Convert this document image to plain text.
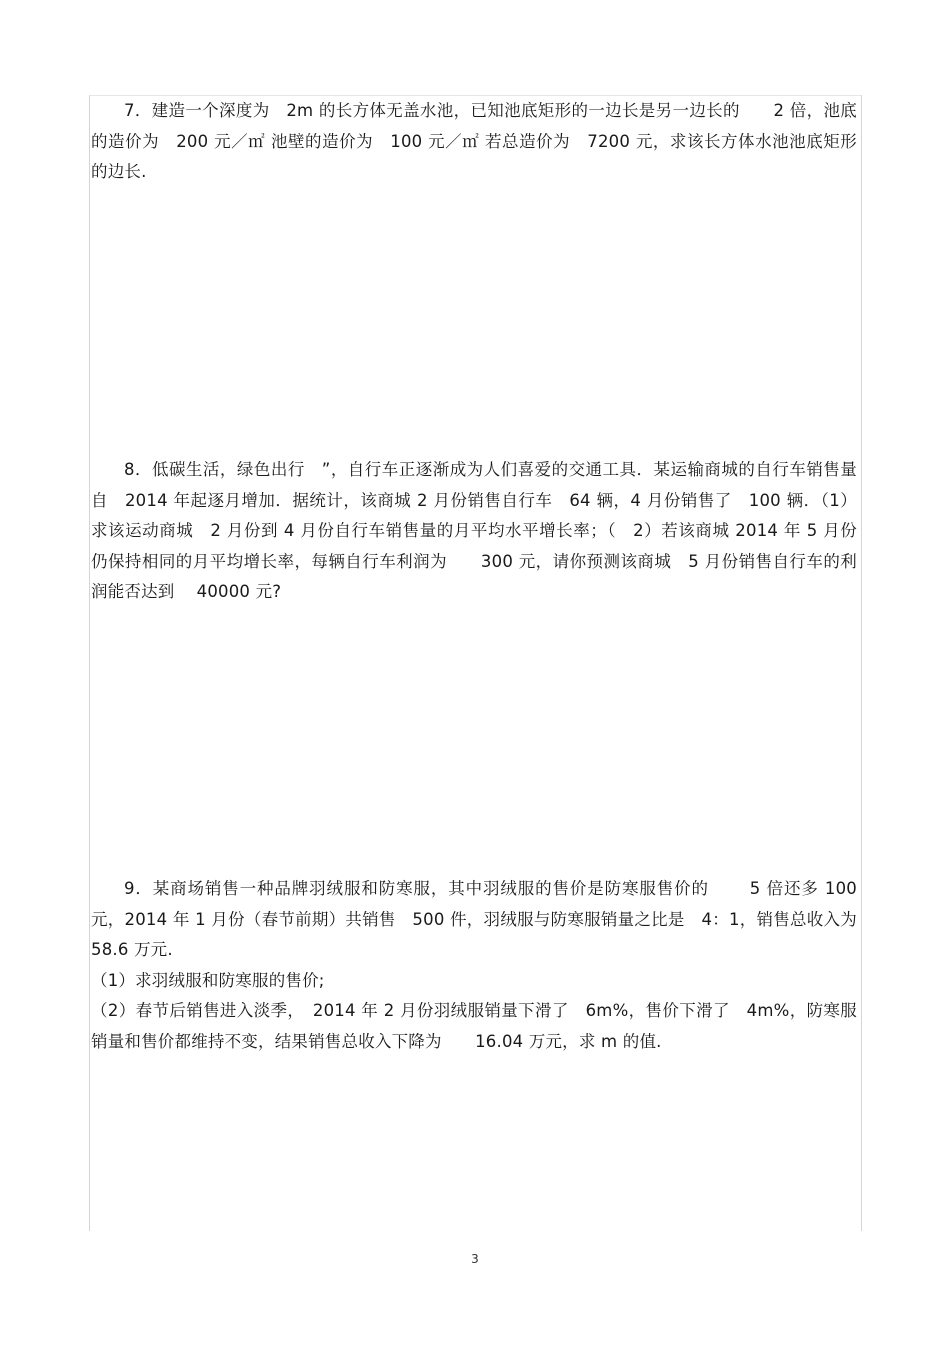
7．建造一个深度为　2m 的长方体无盖水池，已知池底矩形的一边长是另一边长的　　2 倍，池底的造价为　200 元／㎡ 池壁的造价为　100 元／㎡ 若总造价为　7200 元，求该长方体水池池底矩形的边长.

8．低碳生活，绿色出行　”，自行车正逐渐成为人们喜爱的交通工具．某运输商城的自行车销售量自　2014 年起逐月增加．据统计，该商城 2 月份销售自行车　64 辆，4 月份销售了　100 辆．（1）求该运动商城　2 月份到 4 月份自行车销售量的月平均水平增长率；（　2）若该商城 2014 年 5 月份仍保持相同的月平均增长率，每辆自行车利润为　　300 元，请你预测该商城　5 月份销售自行车的利润能否达到　 40000 元?

9．某商场销售一种品牌羽绒服和防寒服，其中羽绒服的售价是防寒服售价的　　 5 倍还多 100 元，2014 年 1 月份（春节前期）共销售　500 件，羽绒服与防寒服销量之比是　4：1，销售总收入为　58.6 万元.

（1）求羽绒服和防寒服的售价;

（2）春节后销售进入淡季，　2014 年 2 月份羽绒服销量下滑了　6m%，售价下滑了　4m%，防寒服销量和售价都维持不变，结果销售总收入下降为　　16.04 万元，求 m 的值.

3
